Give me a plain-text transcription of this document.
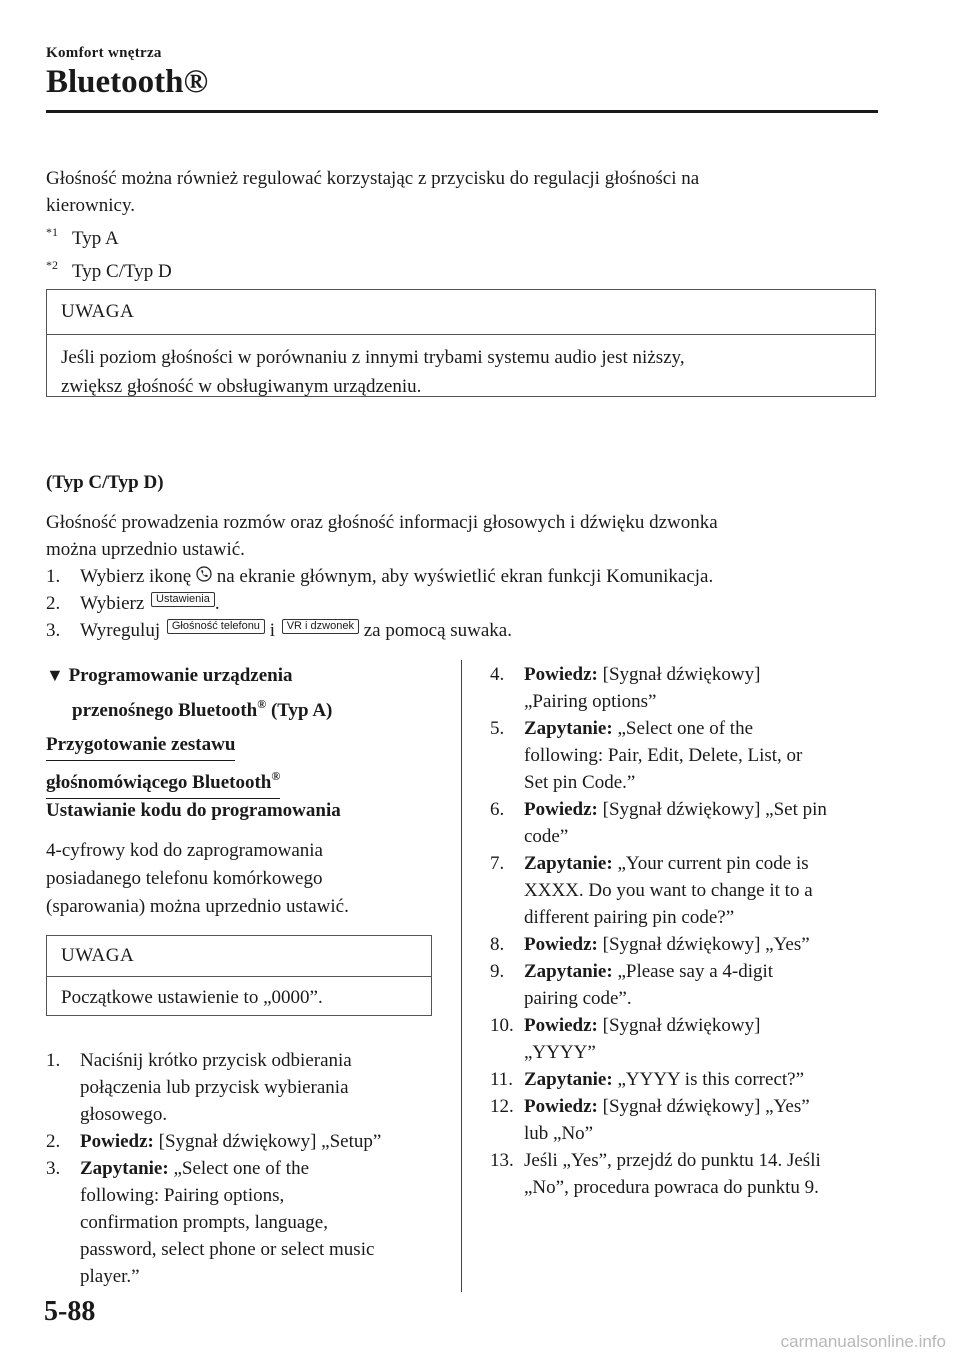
Komfort wnętrza
Bluetooth®
Głośność można również regulować korzystając z przycisku do regulacji głośności na
kierownicy.
$^{*1}$ Typ A
$^{*2}$ Typ C/Typ D
UWAGA
Jeśli poziom głośności w porównaniu z innymi trybami systemu audio jest niższy,
zwiększ głośność w obsługiwanym urządzeniu.
(Typ C/Typ D)
Głośność prowadzenia rozmów oraz głośność informacji głosowych i dźwięku dzwonka
można uprzednio ustawić.
1. Wybierz ikonę na ekranie głównym, aby wyświetlić ekran funkcji Komunikacja.
2. Wybierz Ustawienia .
3. Wyreguluj Głośność telefonu i VR i dzwonek za pomocą suwaka.
▼ Programowanie urządzenia
przenośnego Bluetooth® (Typ A)
Przygotowanie zestawu
głośnomówiącego Bluetooth®
Ustawianie kodu do programowania
4-cyfrowy kod do zaprogramowania
posiadanego telefonu komórkowego
(sparowania) można uprzednio ustawić.
UWAGA
Początkowe ustawienie to „0000”.
1. Naciśnij krótko przycisk odbierania
połączenia lub przycisk wybierania
głosowego.
2. Powiedz: [Sygnał dźwiękowy] „Setup”
3. Zapytanie: „Select one of the
following: Pairing options,
confirmation prompts, language,
password, select phone or select music
player.”
4. Powiedz: [Sygnał dźwiękowy]
„Pairing options”
5. Zapytanie: „Select one of the
following: Pair, Edit, Delete, List, or
Set pin Code.”
6. Powiedz: [Sygnał dźwiękowy] „Set pin
code”
7. Zapytanie: „Your current pin code is
XXXX. Do you want to change it to a
different pairing pin code?”
8. Powiedz: [Sygnał dźwiękowy] „Yes”
9. Zapytanie: „Please say a 4-digit
pairing code”.
10. Powiedz: [Sygnał dźwiękowy]
„YYYY”
11. Zapytanie: „YYYY is this correct?”
12. Powiedz: [Sygnał dźwiękowy] „Yes”
lub „No”
13. Jeśli „Yes”, przejdź do punktu 14. Jeśli
„No”, procedura powraca do punktu 9.
5-88
carmanualsonline.info
